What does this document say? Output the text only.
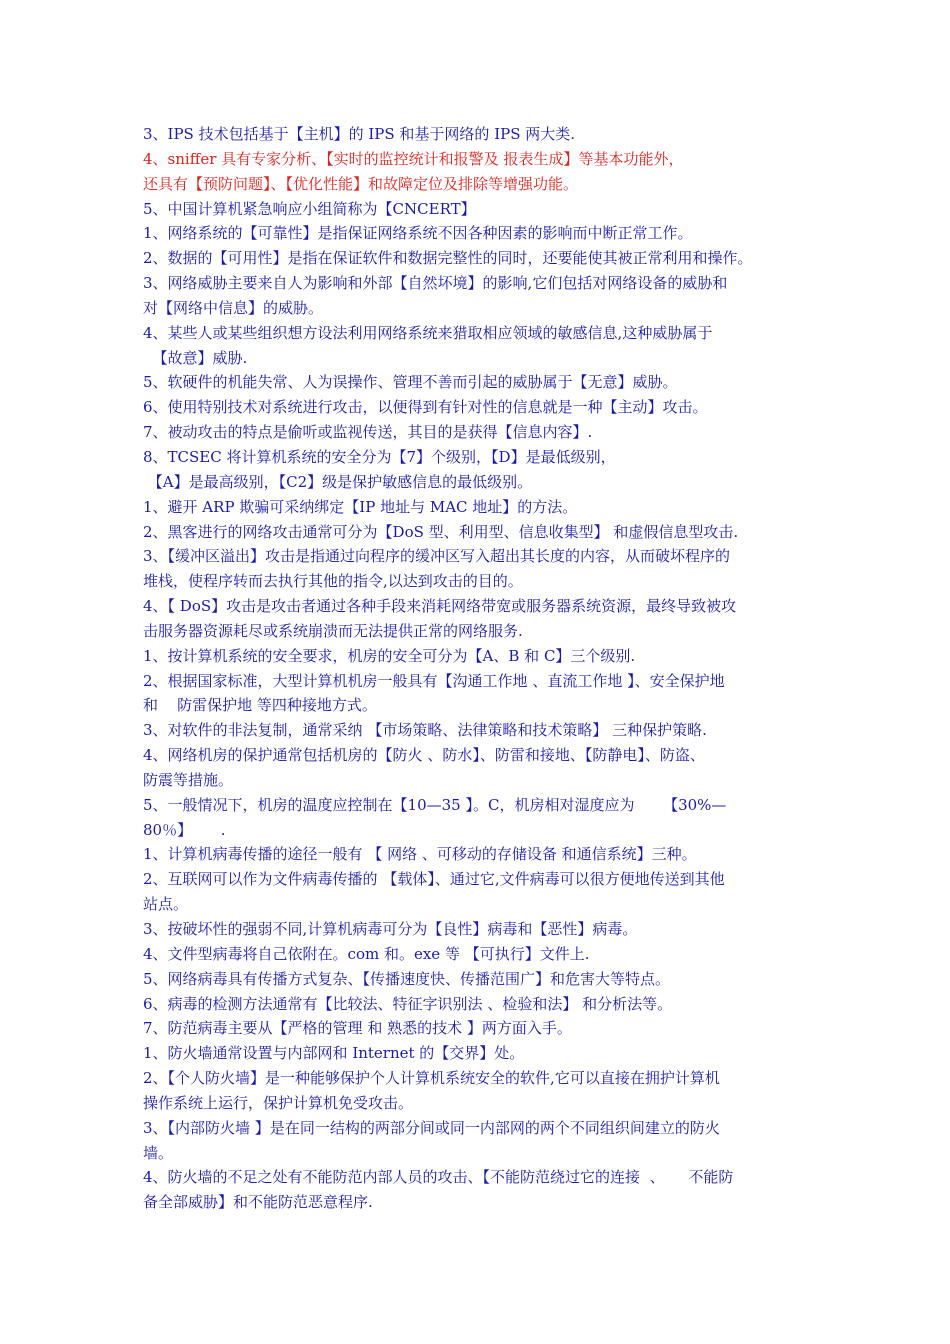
3、IPS 技术包括基于【主机】的 IPS 和基于网络的 IPS 两大类.
4、sniffer 具有专家分析、【实时的监控统计和报警及 报表生成】等基本功能外，
还具有【预防问题】、【优化性能】和故障定位及排除等增强功能。
5、中国计算机紧急响应小组简称为【CNCERT】
1、网络系统的【可靠性】是指保证网络系统不因各种因素的影响而中断正常工作。
2、数据的【可用性】是指在保证软件和数据完整性的同时，还要能使其被正常利用和操作。
3、网络威胁主要来自人为影响和外部【自然坏境】的影响,它们包括对网络设备的威胁和
对【网络中信息】的威胁。
4、某些人或某些组织想方设法利用网络系统来猎取相应领域的敏感信息,这种威胁属于
【故意】威胁.
5、软硬件的机能失常、人为误操作、管理不善而引起的威胁属于【无意】威胁。
6、使用特别技术对系统进行攻击，以便得到有针对性的信息就是一种【主动】攻击。
7、被动攻击的特点是偷听或监视传送，其目的是获得【信息内容】.
8、TCSEC 将计算机系统的安全分为【7】个级别，【D】是最低级别，
【A】是最高级别，【C2】级是保护敏感信息的最低级别。
1、避开 ARP 欺骗可采纳绑定【IP 地址与 MAC 地址】的方法。
2、黑客进行的网络攻击通常可分为【DoS 型、利用型、信息收集型】 和虚假信息型攻击.
3、【缓冲区溢出】攻击是指通过向程序的缓冲区写入超出其长度的内容，从而破坏程序的
堆栈，使程序转而去执行其他的指令,以达到攻击的目的。
4、【 DoS】攻击是攻击者通过各种手段来消耗网络带宽或服务器系统资源，最终导致被攻
击服务器资源耗尽或系统崩溃而无法提供正常的网络服务.
1、按计算机系统的安全要求，机房的安全可分为【A、B 和 C】三个级别.
2、根据国家标准，大型计算机机房一般具有【沟通工作地 、直流工作地 】、安全保护地
和    防雷保护地 等四种接地方式。
3、对软件的非法复制，通常采纳 【市场策略、法律策略和技术策略】 三种保护策略.
4、网络机房的保护通常包括机房的【防火 、防水】、防雷和接地、【防静电】、防盗、
防震等措施。
5、一般情况下，机房的温度应控制在【10—35 】。C，机房相对湿度应为      【30%—
80％】      .
1、计算机病毒传播的途径一般有 【 网络 、可移动的存储设备 和通信系统】三种。
2、互联网可以作为文件病毒传播的 【载体】、通过它,文件病毒可以很方便地传送到其他
站点。
3、按破坏性的强弱不同,计算机病毒可分为【良性】病毒和【恶性】病毒。
4、文件型病毒将自己依附在。com 和。exe 等 【可执行】文件上.
5、网络病毒具有传播方式复杂、【传播速度快、传播范围广】和危害大等特点。
6、病毒的检测方法通常有【比较法、特征字识别法 、检验和法】 和分析法等。
7、防范病毒主要从【严格的管理 和 熟悉的技术 】两方面入手。
1、防火墙通常设置与内部网和 Internet 的【交界】处。
2、【个人防火墙】是一种能够保护个人计算机系统安全的软件,它可以直接在拥护计算机
操作系统上运行，保护计算机免受攻击。
3、【内部防火墙 】是在同一结构的两部分间或同一内部网的两个不同组织间建立的防火
墙。
4、防火墙的不足之处有不能防范内部人员的攻击、【不能防范绕过它的连接  、     不能防
备全部威胁】和不能防范恶意程序.
